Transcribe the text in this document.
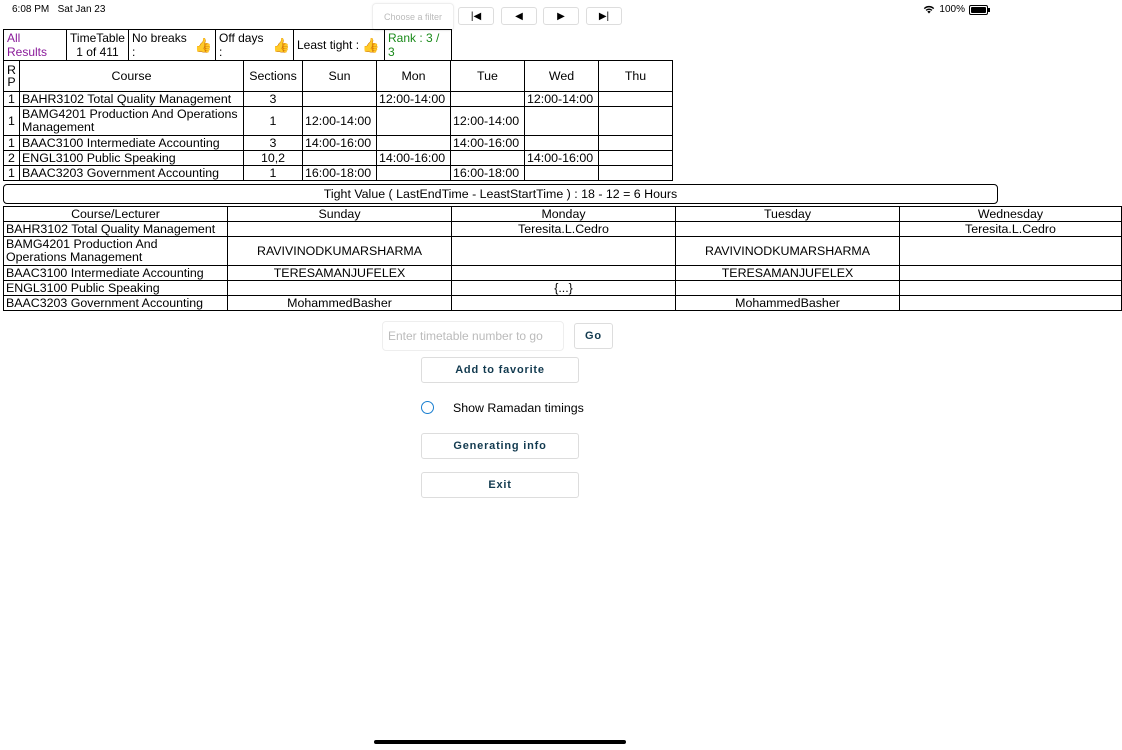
6:08 PM Sat Jan 23	100%
Choose a filter	|◀	◀	▶	▶|
All Results
TimeTable
1 of 411
No breaks :	👍 Off days :	👍 Least tight : 👍 Rank : 3 / 3
R P	Course	Sections	Sun	Mon	Tue	Wed	Thu
1	BAHR3102 Total Quality Management	3		12:00-14:00		12:00-14:00	
1	BAMG4201 Production And Operations Management	1	12:00-14:00		12:00-14:00		
1	BAAC3100 Intermediate Accounting	3	14:00-16:00		14:00-16:00		
2	ENGL3100 Public Speaking	10,2		14:00-16:00		14:00-16:00	
1	BAAC3203 Government Accounting	1	16:00-18:00		16:00-18:00		
Tight Value ( LastEndTime - LeastStartTime ) : 18 - 12 = 6 Hours
Course/Lecturer	Sunday	Monday	Tuesday	Wednesday
BAHR3102 Total Quality Management		Teresita.L.Cedro		Teresita.L.Cedro
BAMG4201 Production And Operations Management	RAVIVINODKUMARSHARMA		RAVIVINODKUMARSHARMA	
BAAC3100 Intermediate Accounting	TERESAMANJUFELEX		TERESAMANJUFELEX	
ENGL3100 Public Speaking		{...}		
BAAC3203 Government Accounting	MohammedBasher		MohammedBasher	
Enter timetable number to go
Go
Add to favorite
Show Ramadan timings
Generating info
Exit
